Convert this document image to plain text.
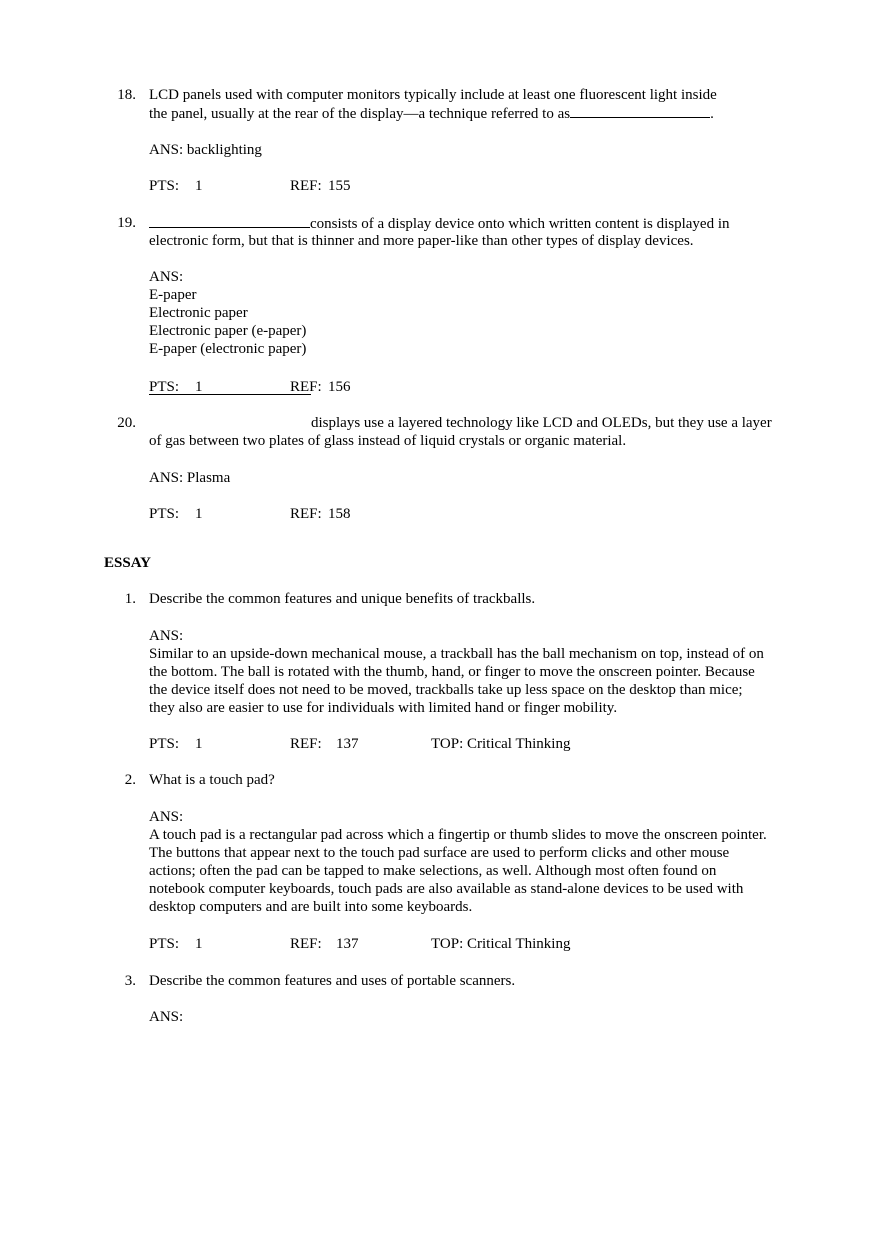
18. LCD panels used with computer monitors typically include at least one fluorescent light inside
the panel, usually at the rear of the display—a technique referred to as	.
ANS: backlighting
PTS: 1	REF: 155
19.	consists of a display device onto which written content is displayed in
electronic form, but that is thinner and more paper-like than other types of display devices.
ANS:
E-paper
Electronic paper
Electronic paper (e-paper)
E-paper (electronic paper)
PTS: 1	REF: 156
20.	displays use a layered technology like LCD and OLEDs, but they use a layer
of gas between two plates of glass instead of liquid crystals or organic material.
ANS: Plasma
PTS: 1	REF: 158
ESSAY
1. Describe the common features and unique benefits of trackballs.
ANS:
Similar to an upside-down mechanical mouse, a trackball has the ball mechanism on top, instead of on
the bottom. The ball is rotated with the thumb, hand, or finger to move the onscreen pointer. Because
the device itself does not need to be moved, trackballs take up less space on the desktop than mice;
they also are easier to use for individuals with limited hand or finger mobility.
PTS: 1	REF: 137	TOP: Critical Thinking
2. What is a touch pad?
ANS:
A touch pad is a rectangular pad across which a fingertip or thumb slides to move the onscreen pointer.
The buttons that appear next to the touch pad surface are used to perform clicks and other mouse
actions; often the pad can be tapped to make selections, as well. Although most often found on
notebook computer keyboards, touch pads are also available as stand-alone devices to be used with
desktop computers and are built into some keyboards.
PTS: 1	REF: 137	TOP: Critical Thinking
3. Describe the common features and uses of portable scanners.
ANS:
